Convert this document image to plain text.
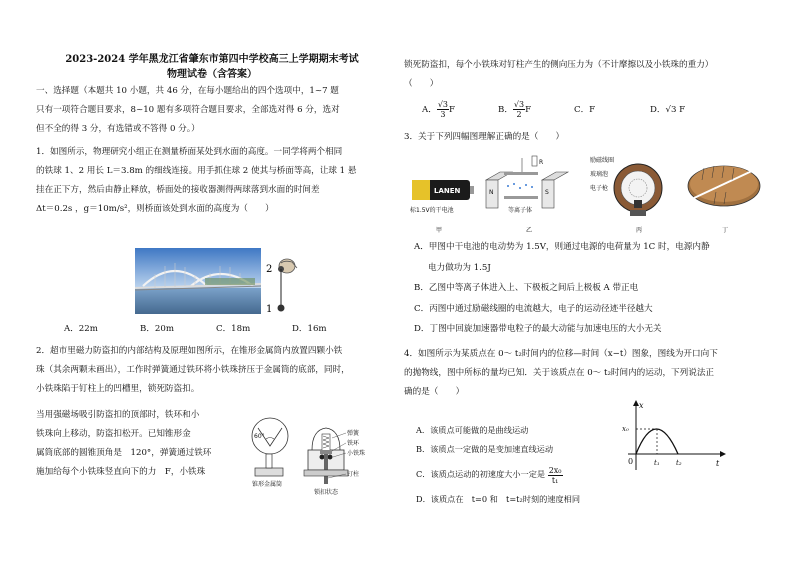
2023-2024 学年黑龙江省肇东市第四中学校高三上学期期末考试
物理试卷（含答案）

一、选择题（本题共 10 小题，共 46 分，在每小题给出的四个选项中，1~7 题

只有一项符合题目要求，8~10 题有多项符合题目要求，全部选对得 6 分，选对

但不全的得 3 分，有选错或不答得 0 分。）

1．如图所示，物理研究小组正在测量桥面某处到水面的高度。一同学将两个相同

的铁球 1、2 用长 L＝3.8m 的细线连接。用手抓住球 2 使其与桥面等高，让球 1 悬

挂在正下方，然后由静止释放，桥面处的接收器测得两球落到水面的时间差

Δt＝0.2s ，g＝10m/s²，则桥面该处到水面的高度为（　　）

2
1
A．22m	B．20m	C．18m	D．16m

2．超市里磁力防盗扣的内部结构及原理如图所示，在锥形金属筒内放置四颗小铁

珠（其余两颗未画出），工作时弹簧通过铁环将小铁珠挤压于金属筒的底部，同时，

小铁珠陷于钉柱上的凹槽里，锁死防盗扣。

当用强磁场吸引防盗扣的顶部时，铁环和小

铁珠向上移动，防盗扣松开。已知锥形金

属筒底部的圆锥顶角是　120°，弹簧通过铁环

施加给每个小铁珠竖直向下的力　F，小铁珠

60°
锥形金属筒
弹簧
铁环
小铁珠
钉柱
锁扣状态

锁死防盗扣，每个小铁珠对钉柱产生的侧向压力为（不计摩擦以及小铁珠的重力）

（　　）

A． $\frac{√3}{3}$ F	B． $\frac{√3}{2}$ F	C．F	D．√3 F

3．关于下列四幅图理解正确的是（　　）

LANEN
标1.5V的干电池
甲
N	S
R
等离子体
乙
励磁线圈
玻璃泡
电子枪
丙	丁

A．甲图中干电池的电动势为 1.5V，则通过电源的电荷量为 1C 时，电源内静

电力做功为 1.5J

B．乙图中等离子体进入上、下极板之间后上极板 A 带正电

C．丙图中通过励磁线圈的电流越大，电子的运动径迹半径越大

D．丁图中回旋加速器带电粒子的最大动能与加速电压的大小无关

4．如图所示为某质点在 0～ t₂时间内的位移—时间（x−t）图象，图线为开口向下

的抛物线，图中所标的量均已知．关于该质点在 0～ t₂时间内的运动，下列说法正

确的是（　　）

A．该质点可能做的是曲线运动

B．该质点一定做的是变加速直线运动

C．该质点运动的初速度大小一定是 $\frac{\text{2x₀}}{\text{t₁}}$

D．该质点在　t=0 和　t=t₂时刻的速度相同

x
x₀
0	t
t₁ t₂
